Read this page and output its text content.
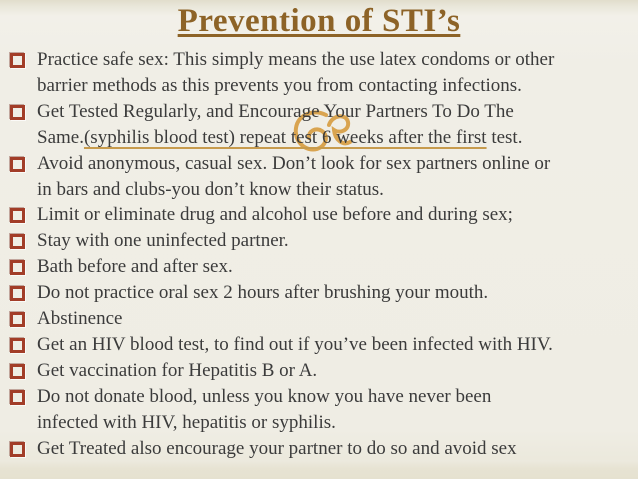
Prevention of STI’s
Practice safe sex: This simply means the use latex condoms or other
barrier methods as this prevents you from contacting infections.
Get Tested Regularly, and Encourage Your Partners To Do The
Same.(syphilis blood test) repeat test 6 weeks after the first test.
Avoid anonymous, casual sex. Don’t look for sex partners online or
in bars and clubs-you don’t know their status.
Limit or eliminate drug and alcohol use before and during sex;
Stay with one uninfected partner.
Bath before and after sex.
Do not practice oral sex 2 hours after brushing your mouth.
Abstinence
Get an HIV blood test, to find out if you’ve been infected with HIV.
Get vaccination for Hepatitis B or A.
Do not donate blood, unless you know you have never been
infected with HIV, hepatitis or syphilis.
Get Treated also encourage your partner to do so and avoid sex
